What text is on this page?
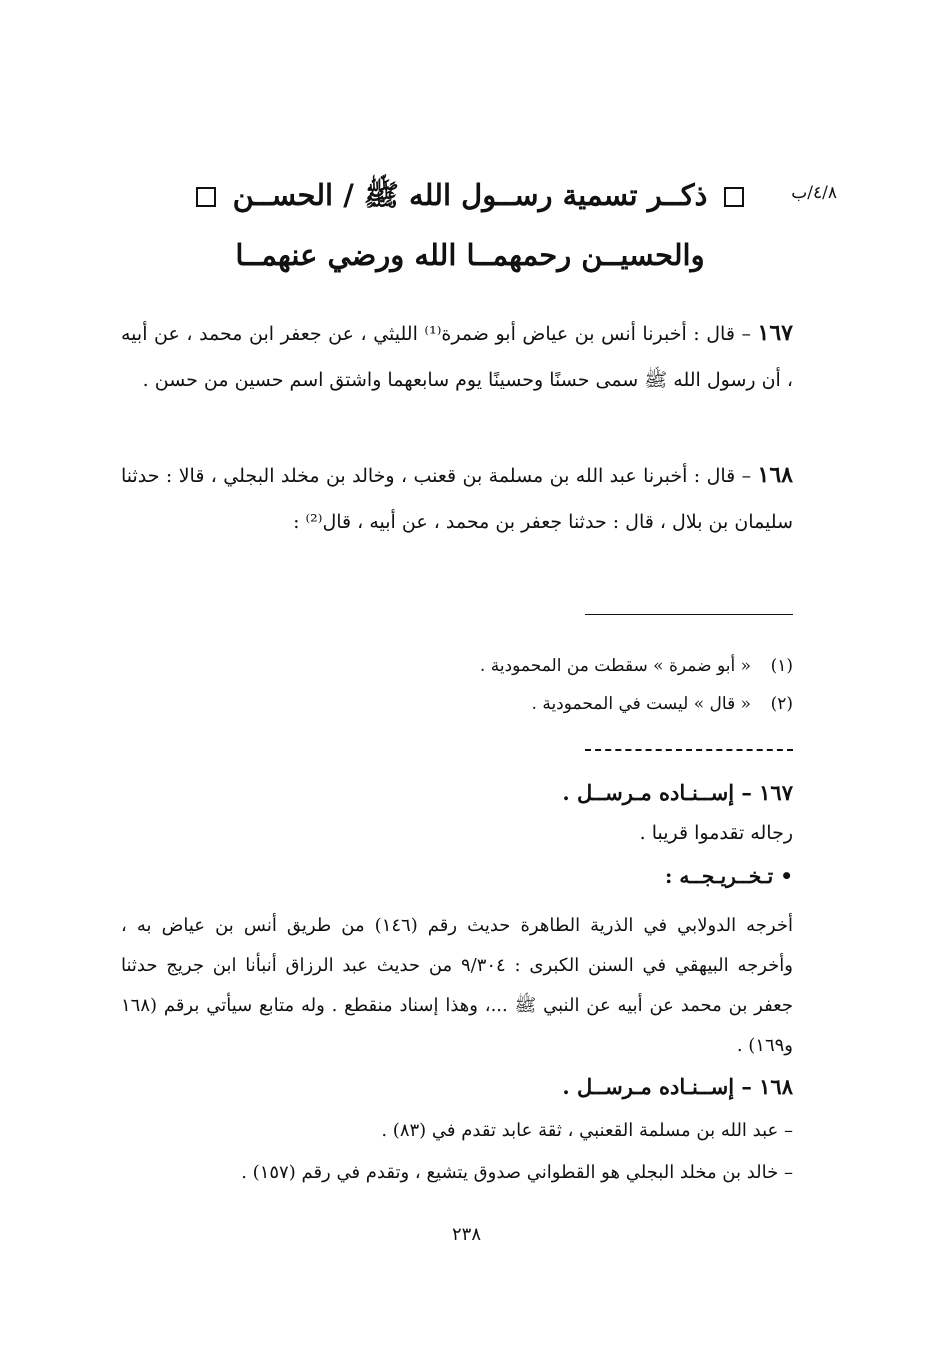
٤/٨/ب
ذكــر تسمية رســول الله ﷺ / الحســن
والحسيــن رحمهمــا الله ورضي عنهمــا

١٦٧ – قال : أخبرنا أنس بن عياض أبو ضمرة⁽¹⁾ الليثي ، عن جعفر ابن محمد ، عن أبيه ، أن رسول الله ﷺ سمى حسنًا وحسينًا يوم سابعهما واشتق اسم حسين من حسن .

١٦٨ – قال : أخبرنا عبد الله بن مسلمة بن قعنب ، وخالد بن مخلد البجلي ، قالا : حدثنا سليمان بن بلال ، قال : حدثنا جعفر بن محمد ، عن أبيه ، قال⁽²⁾ :

(١)« أبو ضمرة » سقطت من المحمودية .
(٢)« قال » ليست في المحمودية .
١٦٧ – إســنـاده مـرســل .
رجاله تقدموا قريبا .
• تـخــريـجــه :

أخرجه الدولابي في الذرية الطاهرة حديث رقم (١٤٦) من طريق أنس بن عياض به ، وأخرجه البيهقي في السنن الكبرى : ٩/٣٠٤ من حديث عبد الرزاق أنبأنا ابن جريج حدثنا جعفر بن محمد عن أبيه عن النبي ﷺ ...، وهذا إسناد منقطع . وله متابع سيأتي برقم (١٦٨ و١٦٩) .

١٦٨ – إســنـاده مـرســل .
– عبد الله بن مسلمة القعنبي ، ثقة عابد تقدم في (٨٣) .
– خالد بن مخلد البجلي هو القطواني صدوق يتشيع ، وتقدم في رقم (١٥٧) .
٢٣٨
